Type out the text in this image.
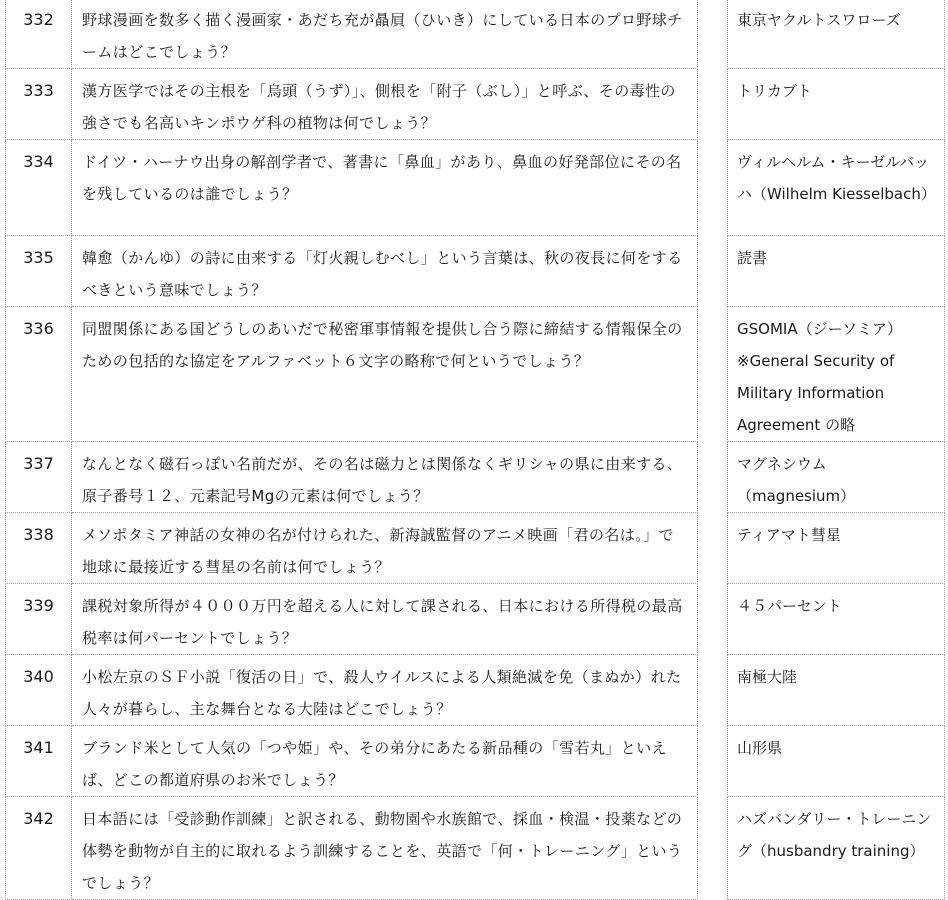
332	野球漫画を数多く描く漫画家・あだち充が贔屓（ひいき）にしている日本のプロ野球チームはどこでしょう？		東京ヤクルトスワローズ
333	漢方医学ではその主根を「烏頭（うず）」、側根を「附子（ぶし）」と呼ぶ、その毒性の強さでも名高いキンポウゲ科の植物は何でしょう？		トリカブト
334	ドイツ・ハーナウ出身の解剖学者で、著書に「鼻血」があり、鼻血の好発部位にその名を残しているのは誰でしょう？		ヴィルヘルム・キーゼルバッハ（Wilhelm Kiesselbach）
335	韓愈（かんゆ）の詩に由来する「灯火親しむべし」という言葉は、秋の夜長に何をするべきという意味でしょう？		読書
336	同盟関係にある国どうしのあいだで秘密軍事情報を提供し合う際に締結する情報保全のための包括的な協定をアルファベット６文字の略称で何というでしょう？		GSOMIA（ジーソミア）※General Security of Military Information Agreement の略
337	なんとなく磁石っぽい名前だが、その名は磁力とは関係なくギリシャの県に由来する、原子番号１２、元素記号Mgの元素は何でしょう？		マグネシウム（magnesium）
338	メソポタミア神話の女神の名が付けられた、新海誠監督のアニメ映画「君の名は。」で地球に最接近する彗星の名前は何でしょう？		ティアマト彗星
339	課税対象所得が４０００万円を超える人に対して課される、日本における所得税の最高税率は何パーセントでしょう？		４５パーセント
340	小松左京のＳＦ小説「復活の日」で、殺人ウイルスによる人類絶滅を免（まぬか）れた人々が暮らし、主な舞台となる大陸はどこでしょう？		南極大陸
341	ブランド米として人気の「つや姫」や、その弟分にあたる新品種の「雪若丸」といえば、どこの都道府県のお米でしょう？		山形県
342	日本語には「受診動作訓練」と訳される、動物園や水族館で、採血・検温・投薬などの体勢を動物が自主的に取れるよう訓練することを、英語で「何・トレーニング」というでしょう？		ハズバンダリー・トレーニング（husbandry training）
